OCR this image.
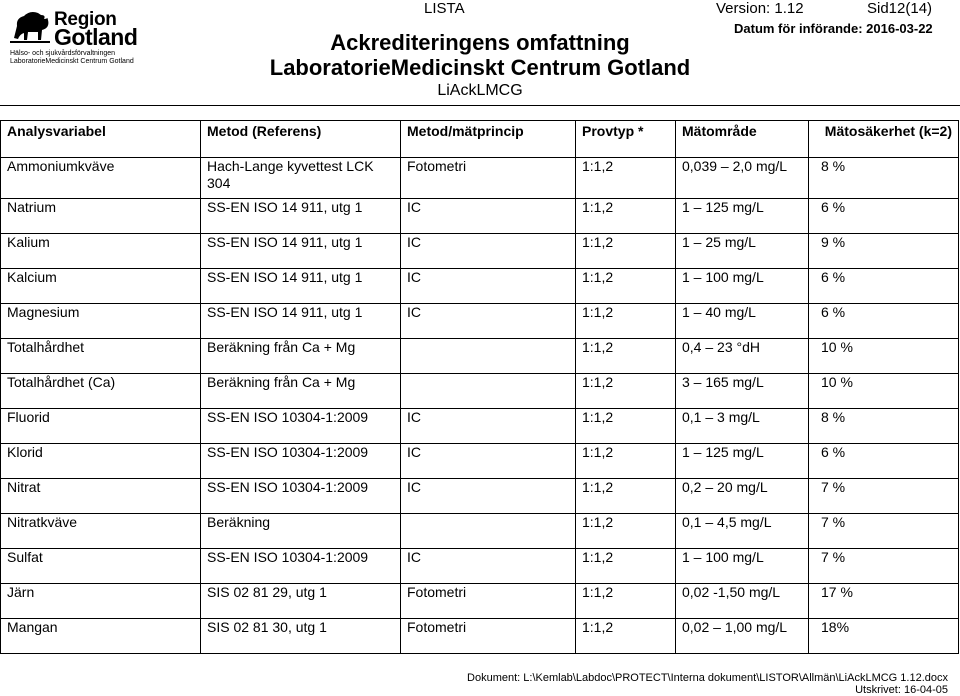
Region
Gotland
Hälso- och sjukvårdsförvaltningen
LaboratorieMedicinskt Centrum Gotland
LISTA	Version: 1.12	Sid12(14)
Datum för införande: 2016-03-22
Ackrediteringens omfattning
LaboratorieMedicinskt Centrum Gotland
LiAckLMCG
Analysvariabel	Metod (Referens)	Metod/mätprincip	Provtyp *	Mätområde	Mätosäkerhet (k=2)
Ammoniumkväve	Hach-Lange kyvettest LCK 304	Fotometri	1:1,2	0,039 – 2,0 mg/L	8 %
Natrium	SS-EN ISO 14 911, utg 1	IC	1:1,2	1 – 125 mg/L	6 %
Kalium	SS-EN ISO 14 911, utg 1	IC	1:1,2	1 – 25 mg/L	9 %
Kalcium	SS-EN ISO 14 911, utg 1	IC	1:1,2	1 – 100 mg/L	6 %
Magnesium	SS-EN ISO 14 911, utg 1	IC	1:1,2	1 – 40 mg/L	6 %
Totalhårdhet	Beräkning från Ca + Mg		1:1,2	0,4 – 23 °dH	10 %
Totalhårdhet (Ca)	Beräkning från Ca + Mg		1:1,2	3 – 165 mg/L	10 %
Fluorid	SS-EN ISO 10304-1:2009	IC	1:1,2	0,1 – 3 mg/L	8 %
Klorid	SS-EN ISO 10304-1:2009	IC	1:1,2	1 – 125 mg/L	6 %
Nitrat	SS-EN ISO 10304-1:2009	IC	1:1,2	0,2 – 20 mg/L	7 %
Nitratkväve	Beräkning		1:1,2	0,1 – 4,5 mg/L	7 %
Sulfat	SS-EN ISO 10304-1:2009	IC	1:1,2	1 – 100 mg/L	7 %
Järn	SIS 02 81 29, utg 1	Fotometri	1:1,2	0,02 -1,50 mg/L	17 %
Mangan	SIS 02 81 30, utg 1	Fotometri	1:1,2	0,02 – 1,00 mg/L	18%
Dokument: L:\Kemlab\Labdoc\PROTECT\Interna dokument\LISTOR\Allmän\LiAckLMCG 1.12.docx
Utskrivet: 16-04-05
